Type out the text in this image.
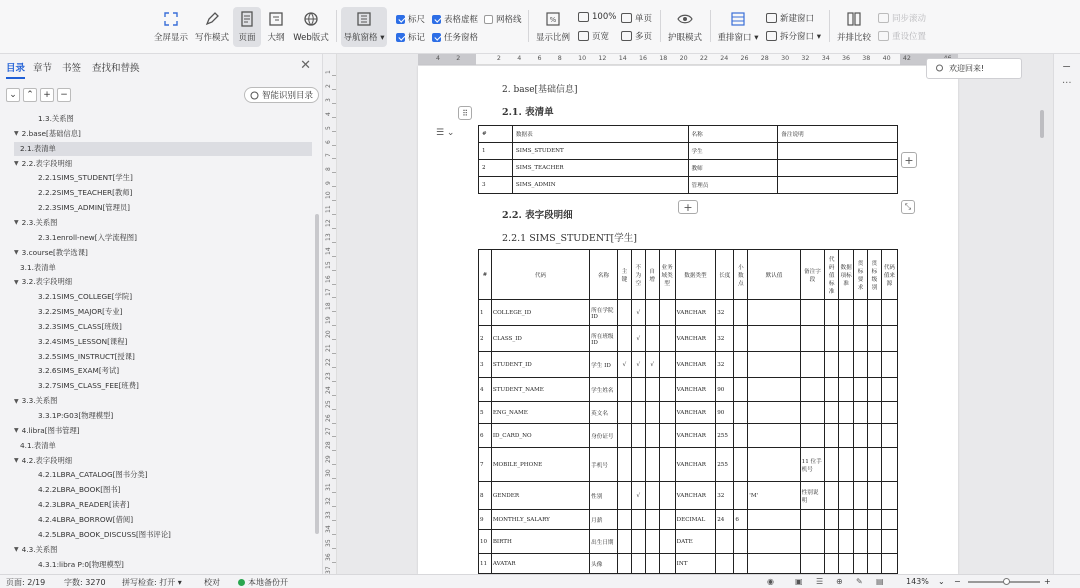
全屏显示 写作模式 页面 大纲 Web版式 导航窗格 ▾
标尺 表格虚框 网格线
标记 任务窗格
%
显示比例
100%
页宽
单页
多页 护眼模式 重排窗口 ▾
新建窗口
拆分窗口 ▾ 并排比较
同步滚动
重设位置
目录 章节 书签 查找和替换	✕
⌄ ⌃ + −	智能识别目录
1.3.关系图
▼ 2.base[基础信息]
2.1.表清单
▼ 2.2.表字段明细
2.2.1SIMS_STUDENT[学生]
2.2.2SIMS_TEACHER[教师]
2.2.3SIMS_ADMIN[管理员]
▼ 2.3.关系图
2.3.1enroll-new[入学流程图]
▼ 3.course[教学选课]
3.1.表清单
▼ 3.2.表字段明细
3.2.1SIMS_COLLEGE[学院]
3.2.2SIMS_MAJOR[专业]
3.2.3SIMS_CLASS[班级]
3.2.4SIMS_LESSON[课程]
3.2.5SIMS_INSTRUCT[授课]
3.2.6SIMS_EXAM[考试]
3.2.7SIMS_CLASS_FEE[班费]
▼ 3.3.关系图
3.3.1P:G03[物理模型]
▼ 4.libra[图书管理]
4.1.表清单
▼ 4.2.表字段明细
4.2.1LBRA_CATALOG[图书分类]
4.2.2LBRA_BOOK[图书]
4.2.3LBRA_READER[读者]
4.2.4LBRA_BORROW[借阅]
4.2.5LBRA_BOOK_DISCUSS[图书评论]
▼ 4.3.关系图
4.3.1:libra P:0[物理模型]
1
2
3
4
5
6
7
8
9
10
11
12
13
14
15
16
17
18
19
20
21
22
23
24
25
26
27
28
29
30
31
32
33
34
35
36
37
4	2	2	4	6	8	10 12 14 16 18 20 22 24 26 28 30 32 34 36 38 40 42
2. base[基础信息]
⠿	2.1. 表清单
☰ ⌄	#	数据表	名称	备注说明
1	SIMS_STUDENT	学生	
2	SIMS_TEACHER	教师	
3	SIMS_ADMIN	管理员	
+
+	⤡
2.2. 表字段明细
2.2.1 SIMS_STUDENT[学生]
#	代码	名称	主键	不为空	自增	业务域类型	数据类型	长度	小数点	默认值	备注字段	代码值标准	数据项标准	贯标要求	贯标级别	代码值来源
1	COLLEGE_ID	所在学院 ID		√			VARCHAR	32								
2	CLASS_ID	所在班级 ID		√			VARCHAR	32								
3	STUDENT_ID	学生 ID	√	√	√		VARCHAR	32								
4	STUDENT_NAME	学生姓名					VARCHAR	90								
5	ENG_NAME	英文名					VARCHAR	90								
6	ID_CARD_NO	身份证号					VARCHAR	255								
7	MOBILE_PHONE	手机号					VARCHAR	255			11 位手机号					
8	GENDER	性别		√			VARCHAR	32		'M'	性别说明					
9	MONTHLY_SALARY	月薪					DECIMAL	24	6							
10	BIRTH	出生日期					DATE									
11	AVATAR	头像					INT									
欢迎回来!	−
···
页面: 2/19 字数: 3270 拼写检查: 打开 ▾	校对	本地备份开	◉	▣ ☰ ⊕ ✎ ▤	143% ⌄ −	+
